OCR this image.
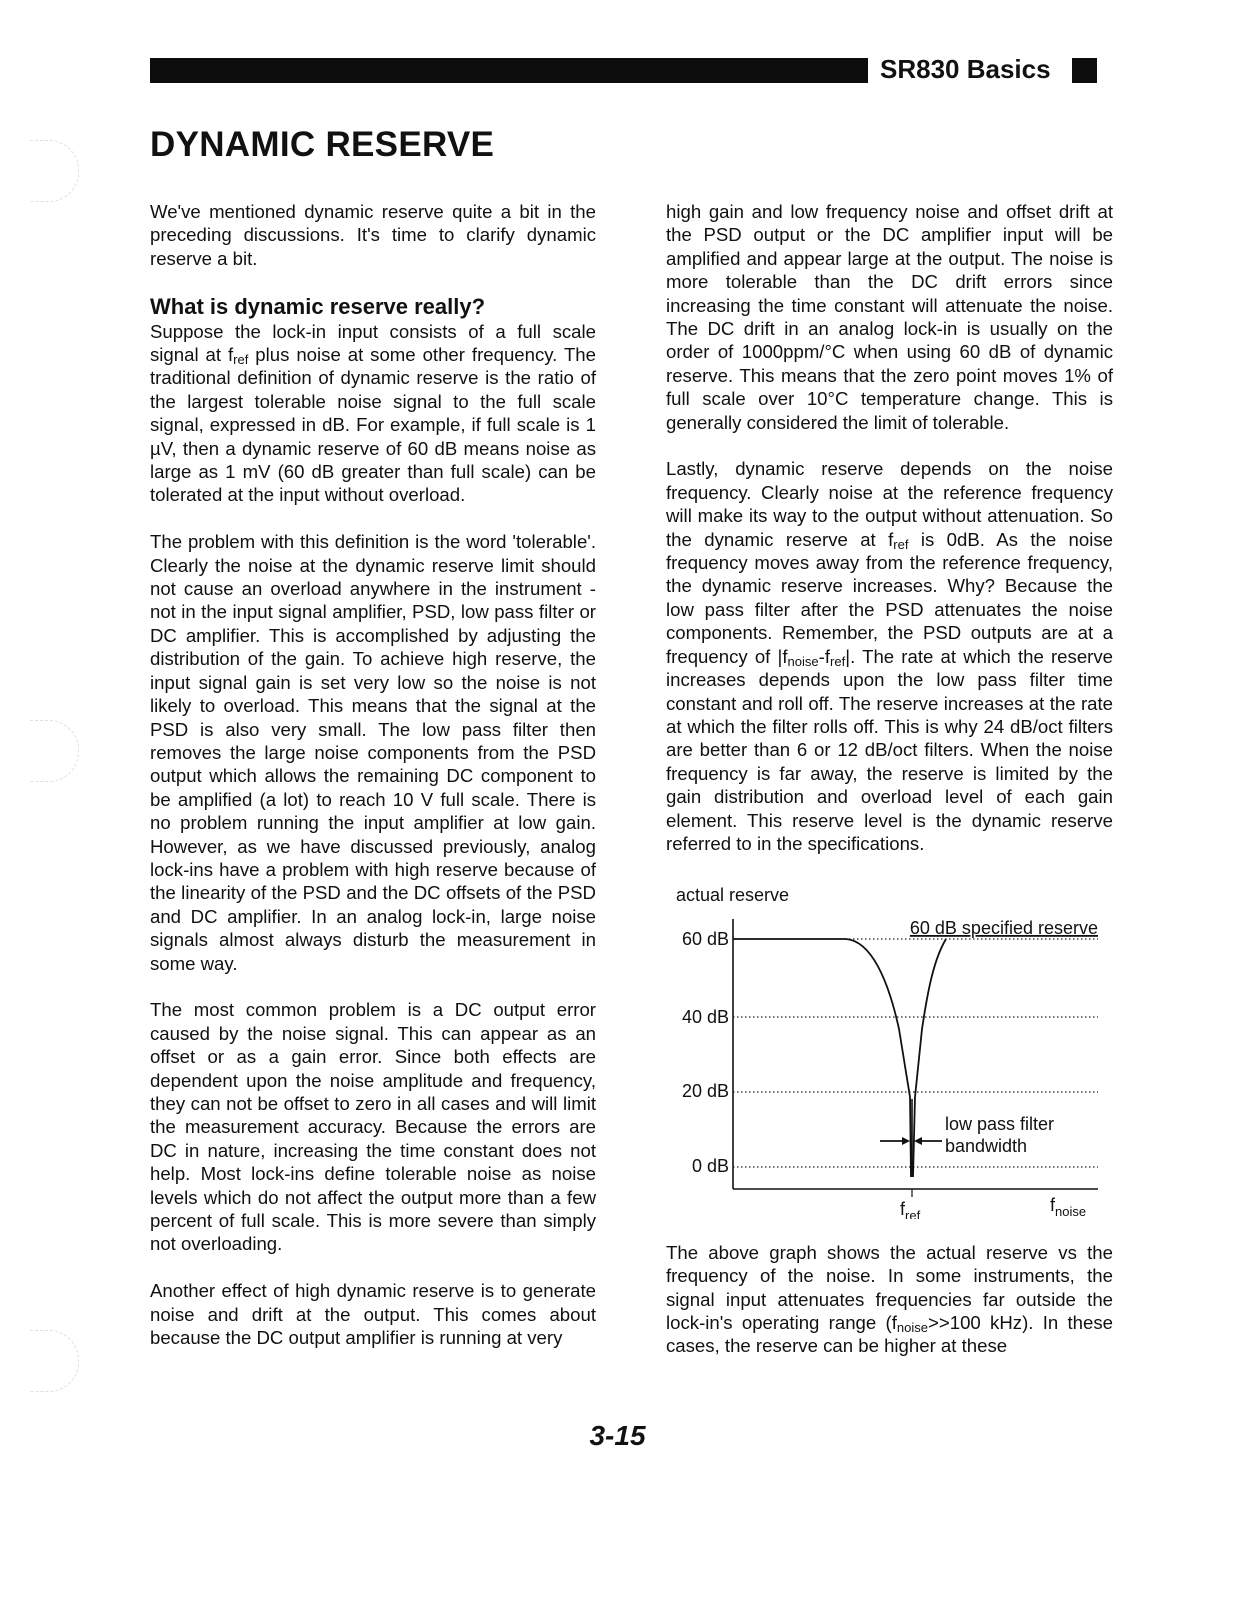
SR830 Basics
DYNAMIC RESERVE

We've mentioned dynamic reserve quite a bit in the preceding discussions. It's time to clarify dynamic reserve a bit.

What is dynamic reserve really?

Suppose the lock-in input consists of a full scale signal at $f_{ref}$ plus noise at some other frequency. The traditional definition of dynamic reserve is the ratio of the largest tolerable noise signal to the full scale signal, expressed in dB. For example, if full scale is 1 µV, then a dynamic reserve of 60 dB means noise as large as 1 mV (60 dB greater than full scale) can be tolerated at the input without overload.

The problem with this definition is the word 'tolerable'. Clearly the noise at the dynamic reserve limit should not cause an overload anywhere in the instrument - not in the input signal amplifier, PSD, low pass filter or DC amplifier. This is accomplished by adjusting the distribution of the gain. To achieve high reserve, the input signal gain is set very low so the noise is not likely to overload. This means that the signal at the PSD is also very small. The low pass filter then removes the large noise components from the PSD output which allows the remaining DC component to be amplified (a lot) to reach 10 V full scale. There is no problem running the input amplifier at low gain. However, as we have discussed previously, analog lock-ins have a problem with high reserve because of the linearity of the PSD and the DC offsets of the PSD and DC amplifier. In an analog lock-in, large noise signals almost always disturb the measurement in some way.

The most common problem is a DC output error caused by the noise signal. This can appear as an offset or as a gain error. Since both effects are dependent upon the noise amplitude and frequency, they can not be offset to zero in all cases and will limit the measurement accuracy. Because the errors are DC in nature, increasing the time constant does not help. Most lock-ins define tolerable noise as noise levels which do not affect the output more than a few percent of full scale. This is more severe than simply not overloading.

Another effect of high dynamic reserve is to generate noise and drift at the output. This comes about because the DC output amplifier is running at very

high gain and low frequency noise and offset drift at the PSD output or the DC amplifier input will be amplified and appear large at the output. The noise is more tolerable than the DC drift errors since increasing the time constant will attenuate the noise. The DC drift in an analog lock-in is usually on the order of 1000ppm/°C when using 60 dB of dynamic reserve. This means that the zero point moves 1% of full scale over 10°C temperature change. This is generally considered the limit of tolerable.

Lastly, dynamic reserve depends on the noise frequency. Clearly noise at the reference frequency will make its way to the output without attenuation. So the dynamic reserve at $f_{ref}$ is 0dB. As the noise frequency moves away from the reference frequency, the dynamic reserve increases. Why? Because the low pass filter after the PSD attenuates the noise components. Remember, the PSD outputs are at a frequency of $|f_{noise}-f_{ref}|$. The rate at which the reserve increases depends upon the low pass filter time constant and roll off. The reserve increases at the rate at which the filter rolls off. This is why 24 dB/oct filters are better than 6 or 12 dB/oct filters. When the noise frequency is far away, the reserve is limited by the gain distribution and overload level of each gain element. This reserve level is the dynamic reserve referred to in the specifications.

actual reserve
60 dB
40 dB
20 dB
0 dB
60 dB specified reserve
low pass filter
bandwidth
$f_{ref}$
$f_{noise}$

The above graph shows the actual reserve vs the frequency of the noise. In some instruments, the signal input attenuates frequencies far outside the lock-in's operating range ($f_{noise}>>100$ kHz). In these cases, the reserve can be higher at these

3-15
